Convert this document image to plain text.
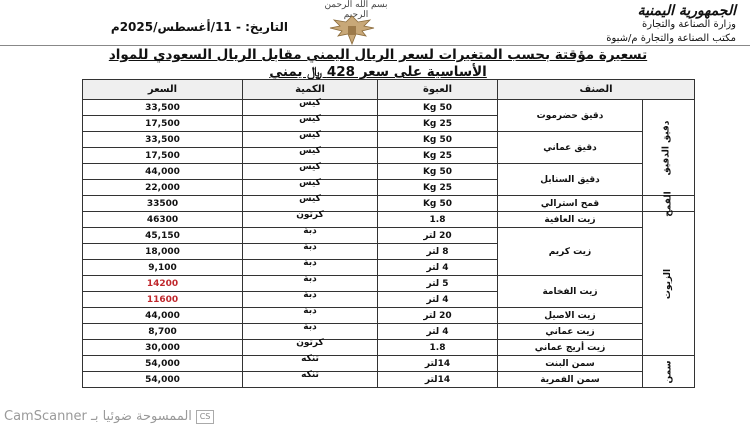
بسم الله الرحمن الرحيم	الجمهورية اليمنية
وزارة الصناعة والتجارة
مكتب الصناعة والتجارة م/شبوة
التاريخ: - 11/أغسطس/2025م
تسعيرة مؤقتة بحسب المتغيرات لسعر الريال اليمني مقابل الريال السعودي للمواد
الأساسية على سعر 428 ﷼ يمني
الصنف		العبوة	الكمية	السعر
دقيق الدقيق	دقيق حضرموت	50 Kg	كيس	33,500
		25 Kg	كيس	17,500
	دقيق عماني	50 Kg	كيس	33,500
		25 Kg	كيس	17,500
	دقيق السنابل	50 Kg	كيس	44,000
		25 Kg	كيس	22,000
القمح	قمح استرالي	50 Kg	كيس	33500
الزيوت	زيت العافية	1.8	كرتون	46300
	زيت كريم	20 لتر	دبة	45,150
		8 لتر	دبة	18,000
		4 لتر	دبة	9,100
	زيت الفخامة	5 لتر	دبة	14200
		4 لتر	دبة	11600
	زيت الاصيل	20 لتر	دبة	44,000
	زيت عماني	4 لتر	دبة	8,700
	زيت أريج عماني	1.8	كرتون	30,000
سمن	سمن البنت	14لتر	تنكه	54,000
	سمن الفمرية	14لتر	تنكه	54,000
CS الممسوحة ضوئيا بـ CamScanner
